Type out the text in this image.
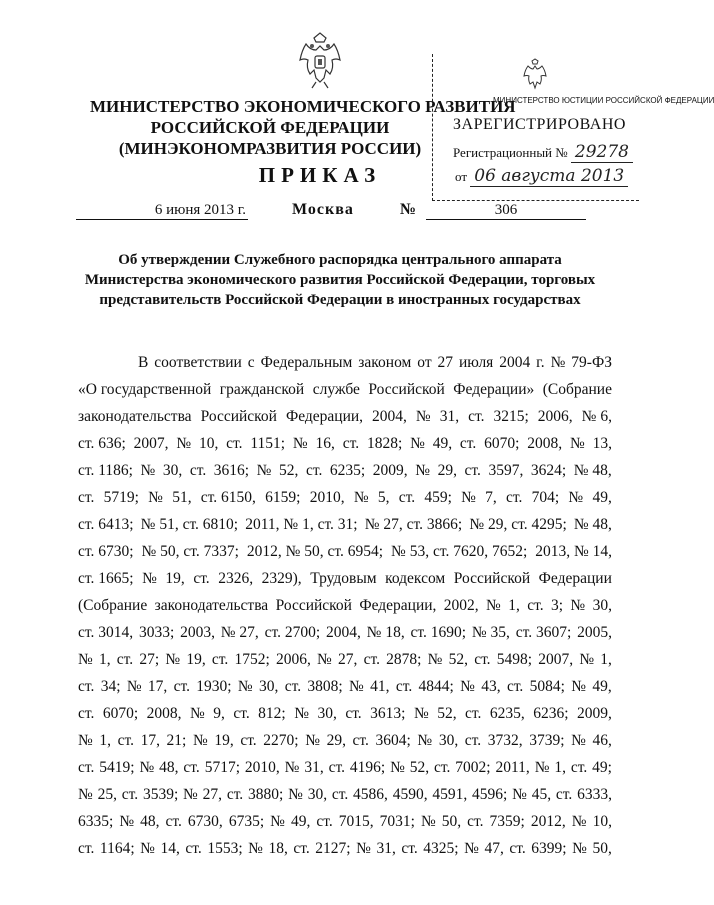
МИНИСТЕРСТВО ЭКОНОМИЧЕСКОГО РАЗВИТИЯ
РОССИЙСКОЙ ФЕДЕРАЦИИ
(МИНЭКОНОМРАЗВИТИЯ РОССИИ)
МИНИСТЕРСТВО ЮСТИЦИИ РОССИЙСКОЙ ФЕДЕРАЦИИ
ЗАРЕГИСТРИРОВАНО
Регистрационный № 29278
от 06 августа 2013
ПРИКАЗ
6 июня 2013 г.	Москва	№	306
Об утверждении Служебного распорядка центрального аппарата
Министерства экономического развития Российской Федерации, торговых
представительств Российской Федерации в иностранных государствах
В соответствии с Федеральным законом от 27 июля 2004 г. № 79-ФЗ
«О государственной гражданской службе Российской Федерации» (Собрание
законодательства Российской Федерации, 2004, № 31, ст. 3215; 2006, № 6,
ст. 636; 2007, № 10, ст. 1151; № 16, ст. 1828; № 49, ст. 6070; 2008, № 13,
ст. 1186; № 30, ст. 3616; № 52, ст. 6235; 2009, № 29, ст. 3597, 3624; № 48,
ст. 5719; № 51, ст. 6150, 6159; 2010, № 5, ст. 459; № 7, ст. 704; № 49,
ст. 6413; № 51, ст. 6810; 2011, № 1, ст. 31; № 27, ст. 3866; № 29, ст. 4295; № 48,
ст. 6730; № 50, ст. 7337; 2012, № 50, ст. 6954; № 53, ст. 7620, 7652; 2013, № 14,
ст. 1665; № 19, ст. 2326, 2329), Трудовым кодексом Российской Федерации
(Собрание законодательства Российской Федерации, 2002, № 1, ст. 3; № 30,
ст. 3014, 3033; 2003, № 27, ст. 2700; 2004, № 18, ст. 1690; № 35, ст. 3607; 2005,
№ 1, ст. 27; № 19, ст. 1752; 2006, № 27, ст. 2878; № 52, ст. 5498; 2007, № 1,
ст. 34; № 17, ст. 1930; № 30, ст. 3808; № 41, ст. 4844; № 43, ст. 5084; № 49,
ст. 6070; 2008, № 9, ст. 812; № 30, ст. 3613; № 52, ст. 6235, 6236; 2009,
№ 1, ст. 17, 21; № 19, ст. 2270; № 29, ст. 3604; № 30, ст. 3732, 3739; № 46,
ст. 5419; № 48, ст. 5717; 2010, № 31, ст. 4196; № 52, ст. 7002; 2011, № 1, ст. 49;
№ 25, ст. 3539; № 27, ст. 3880; № 30, ст. 4586, 4590, 4591, 4596; № 45, ст. 6333,
6335; № 48, ст. 6730, 6735; № 49, ст. 7015, 7031; № 50, ст. 7359; 2012, № 10,
ст. 1164; № 14, ст. 1553; № 18, ст. 2127; № 31, ст. 4325; № 47, ст. 6399; № 50,
